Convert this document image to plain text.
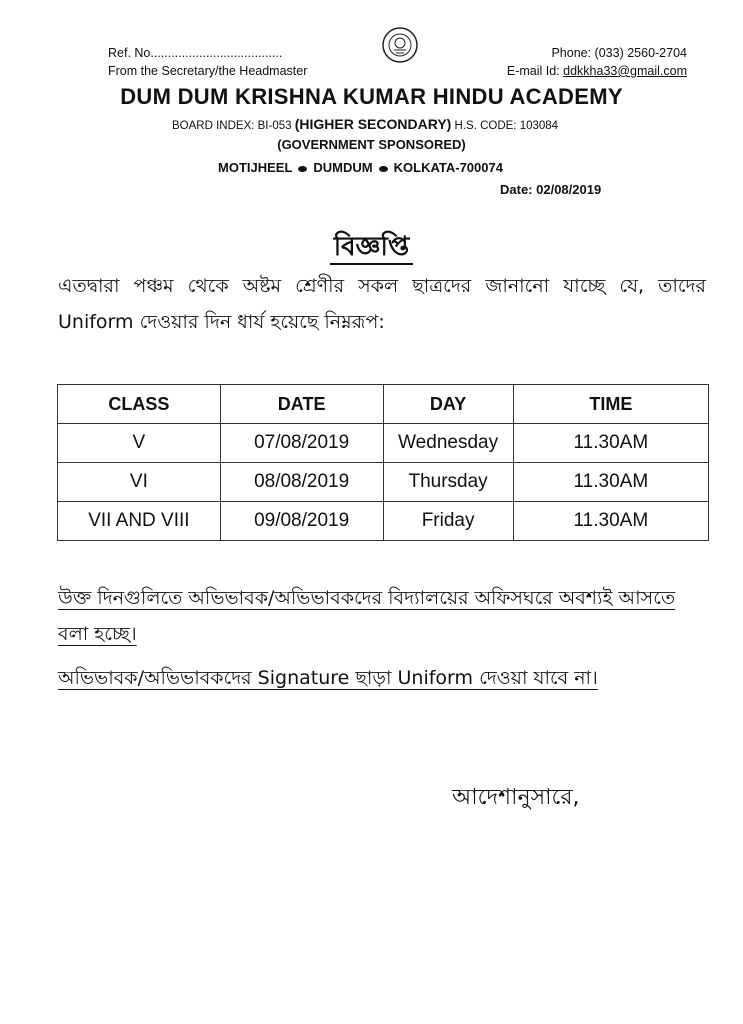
Ref. No......................................
From the Secretary/the Headmaster
Phone: (033) 2560-2704
E-mail Id: ddkkha33@gmail.com
DUM DUM KRISHNA KUMAR HINDU ACADEMY
BOARD INDEX: BI-053 (HIGHER SECONDARY) H.S. CODE: 103084
(GOVERNMENT SPONSORED)
MOTIJHEEL DUMDUM KOLKATA-700074
Date: 02/08/2019
বিজ্ঞপ্তি
এতদ্বারা পঞ্চম থেকে অষ্টম শ্রেণীর সকল ছাত্রদের জানানো যাচ্ছে যে, তাদের Uniform দেওয়ার দিন ধার্য হয়েছে নিম্নরূপ:
CLASS	DATE	DAY	TIME
V	07/08/2019	Wednesday	11.30AM
VI	08/08/2019	Thursday	11.30AM
VII AND VIII	09/08/2019	Friday	11.30AM
উক্ত দিনগুলিতে অভিভাবক/অভিভাবকদের বিদ্যালয়ের অফিসঘরে অবশ্যই আসতে বলা হচ্ছে।
অভিভাবক/অভিভাবকদের Signature ছাড়া Uniform দেওয়া যাবে না।
আদেশানুসারে,
